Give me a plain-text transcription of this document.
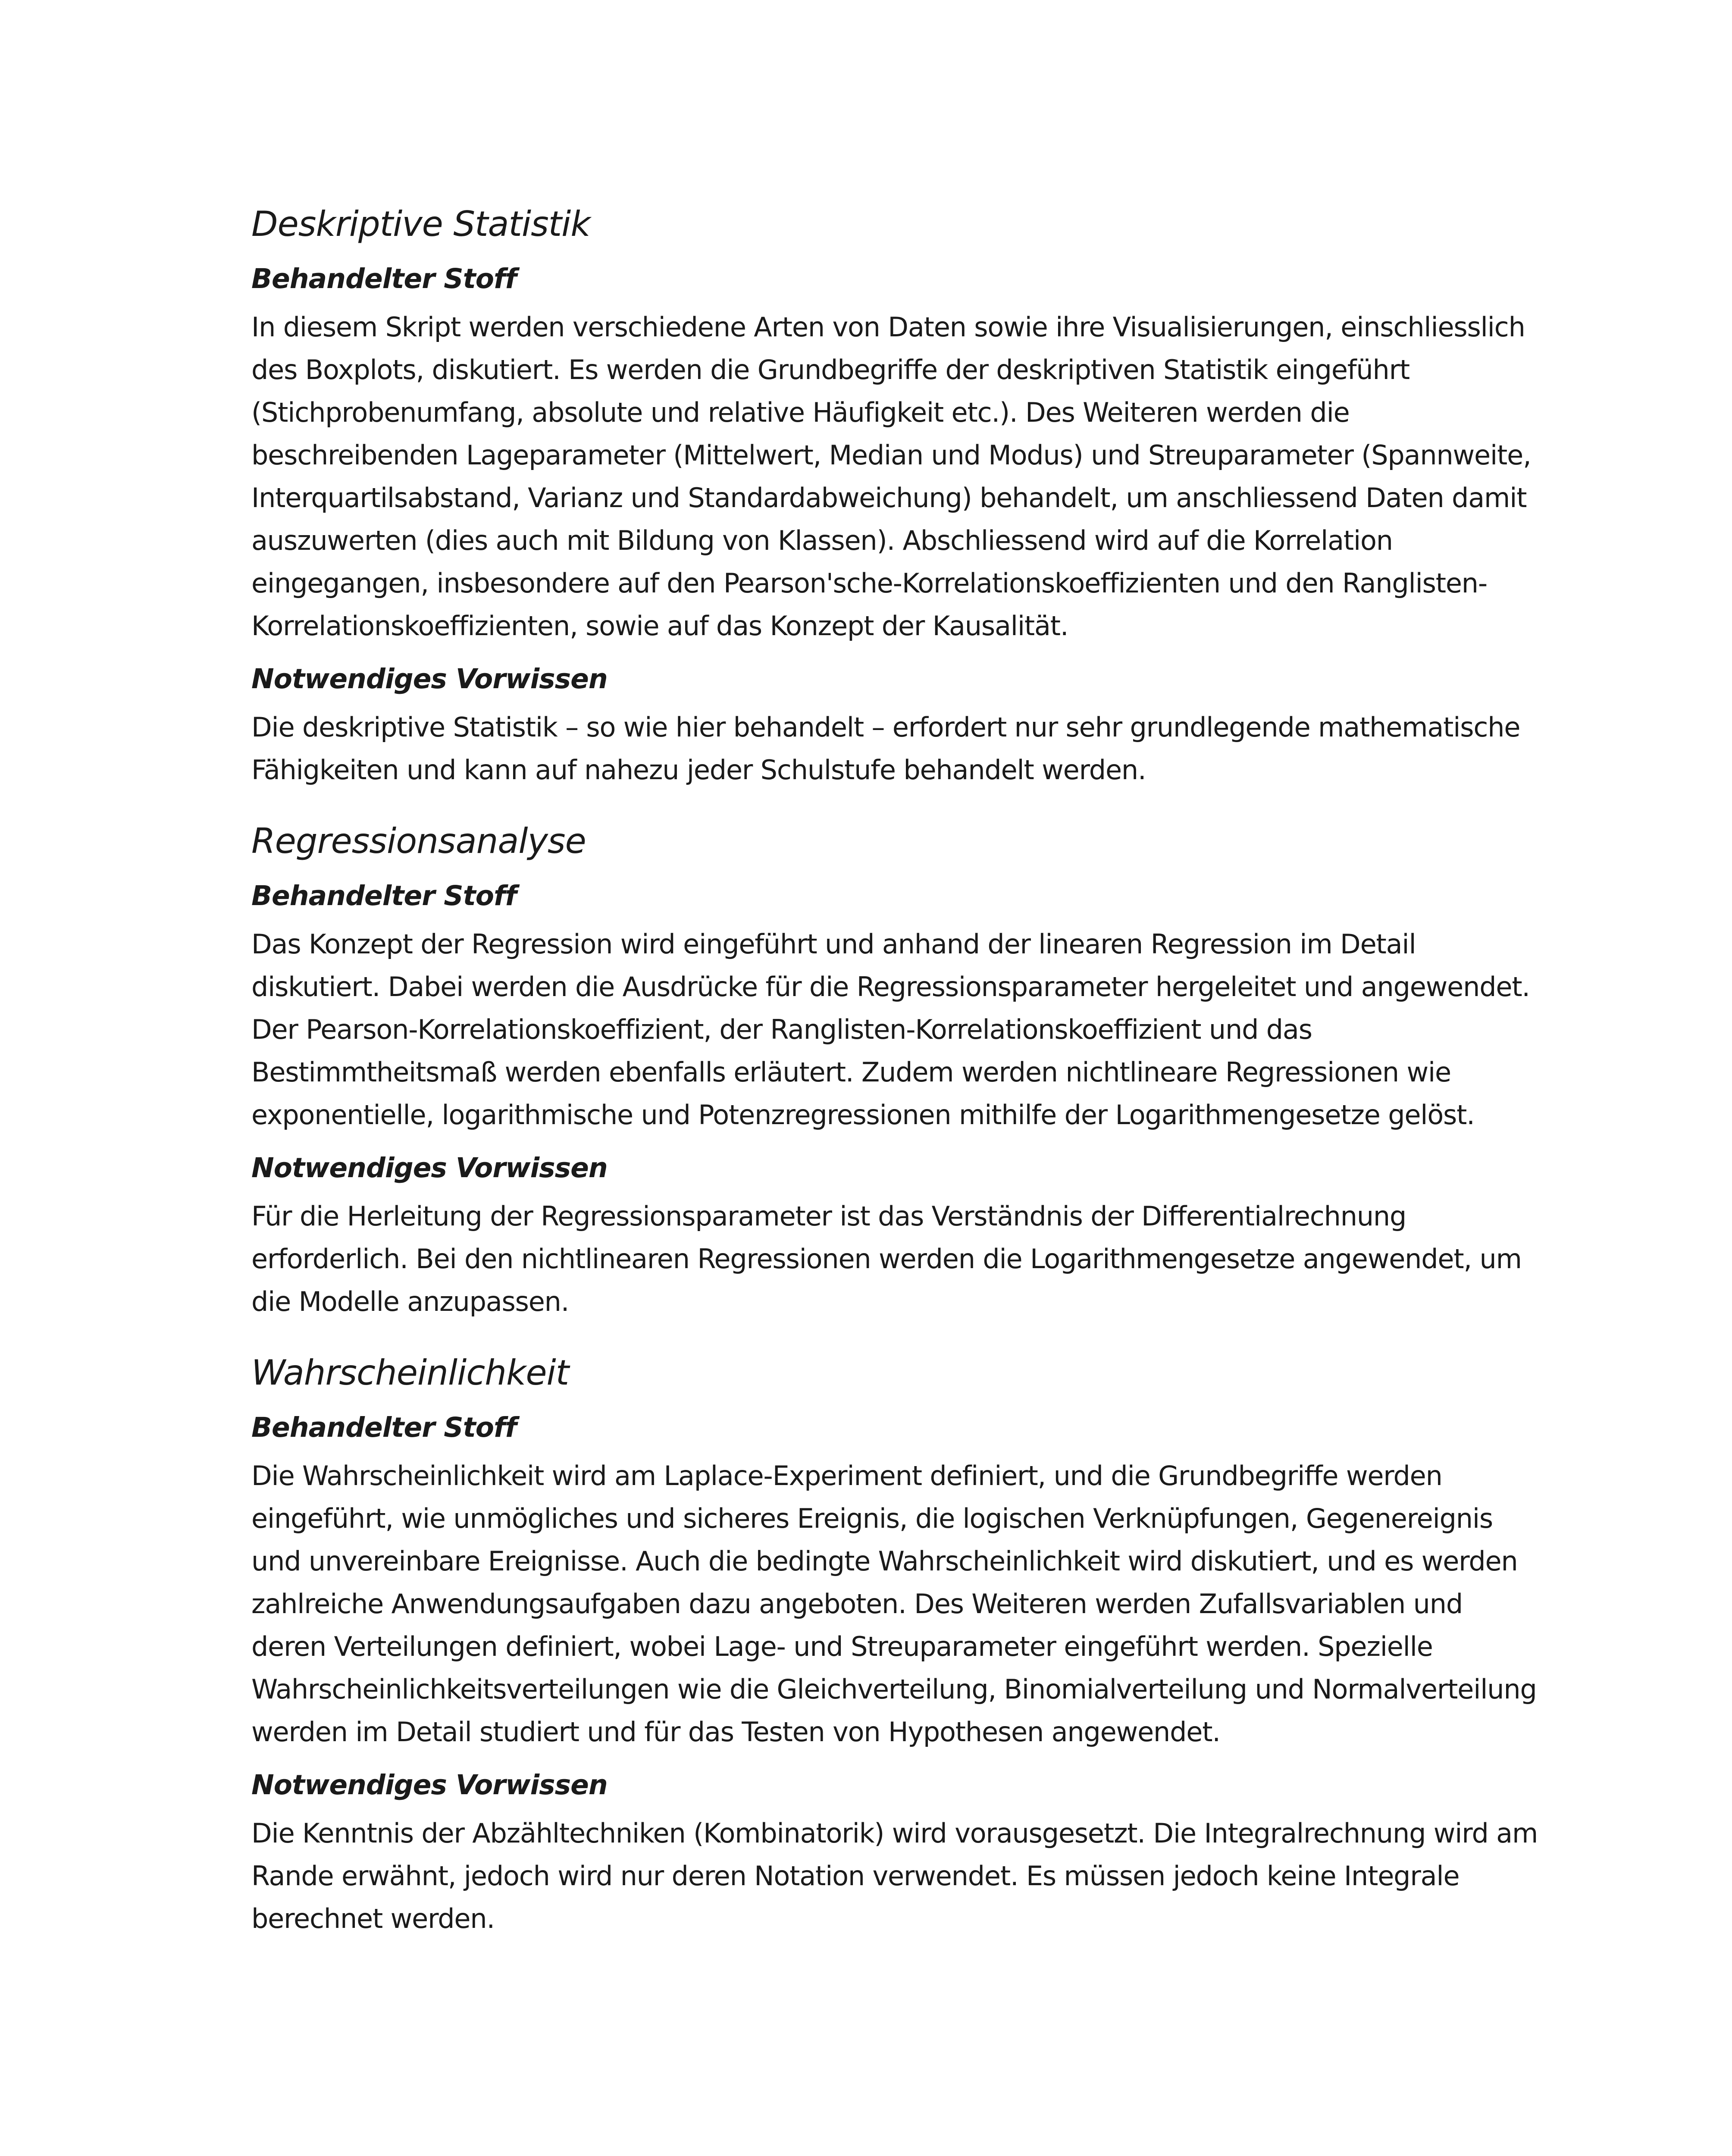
Deskriptive Statistik
Behandelter Stoff

In diesem Skript werden verschiedene Arten von Daten sowie ihre Visualisierungen, einschliesslich
des Boxplots, diskutiert. Es werden die Grundbegriffe der deskriptiven Statistik eingeführt
(Stichprobenumfang, absolute und relative Häufigkeit etc.). Des Weiteren werden die
beschreibenden Lageparameter (Mittelwert, Median und Modus) und Streuparameter (Spannweite,
Interquartilsabstand, Varianz und Standardabweichung) behandelt, um anschliessend Daten damit
auszuwerten (dies auch mit Bildung von Klassen). Abschliessend wird auf die Korrelation
eingegangen, insbesondere auf den Pearson'sche-Korrelationskoeffizienten und den Ranglisten-
Korrelationskoeffizienten, sowie auf das Konzept der Kausalität.

Notwendiges Vorwissen

Die deskriptive Statistik – so wie hier behandelt – erfordert nur sehr grundlegende mathematische
Fähigkeiten und kann auf nahezu jeder Schulstufe behandelt werden.

Regressionsanalyse
Behandelter Stoff

Das Konzept der Regression wird eingeführt und anhand der linearen Regression im Detail
diskutiert. Dabei werden die Ausdrücke für die Regressionsparameter hergeleitet und angewendet.
Der Pearson-Korrelationskoeffizient, der Ranglisten-Korrelationskoeffizient und das
Bestimmtheitsmaß werden ebenfalls erläutert. Zudem werden nichtlineare Regressionen wie
exponentielle, logarithmische und Potenzregressionen mithilfe der Logarithmengesetze gelöst.

Notwendiges Vorwissen

Für die Herleitung der Regressionsparameter ist das Verständnis der Differentialrechnung
erforderlich. Bei den nichtlinearen Regressionen werden die Logarithmengesetze angewendet, um
die Modelle anzupassen.

Wahrscheinlichkeit
Behandelter Stoff

Die Wahrscheinlichkeit wird am Laplace-Experiment definiert, und die Grundbegriffe werden
eingeführt, wie unmögliches und sicheres Ereignis, die logischen Verknüpfungen, Gegenereignis
und unvereinbare Ereignisse. Auch die bedingte Wahrscheinlichkeit wird diskutiert, und es werden
zahlreiche Anwendungsaufgaben dazu angeboten. Des Weiteren werden Zufallsvariablen und
deren Verteilungen definiert, wobei Lage- und Streuparameter eingeführt werden. Spezielle
Wahrscheinlichkeitsverteilungen wie die Gleichverteilung, Binomialverteilung und Normalverteilung
werden im Detail studiert und für das Testen von Hypothesen angewendet.

Notwendiges Vorwissen

Die Kenntnis der Abzähltechniken (Kombinatorik) wird vorausgesetzt. Die Integralrechnung wird am
Rande erwähnt, jedoch wird nur deren Notation verwendet. Es müssen jedoch keine Integrale
berechnet werden.
